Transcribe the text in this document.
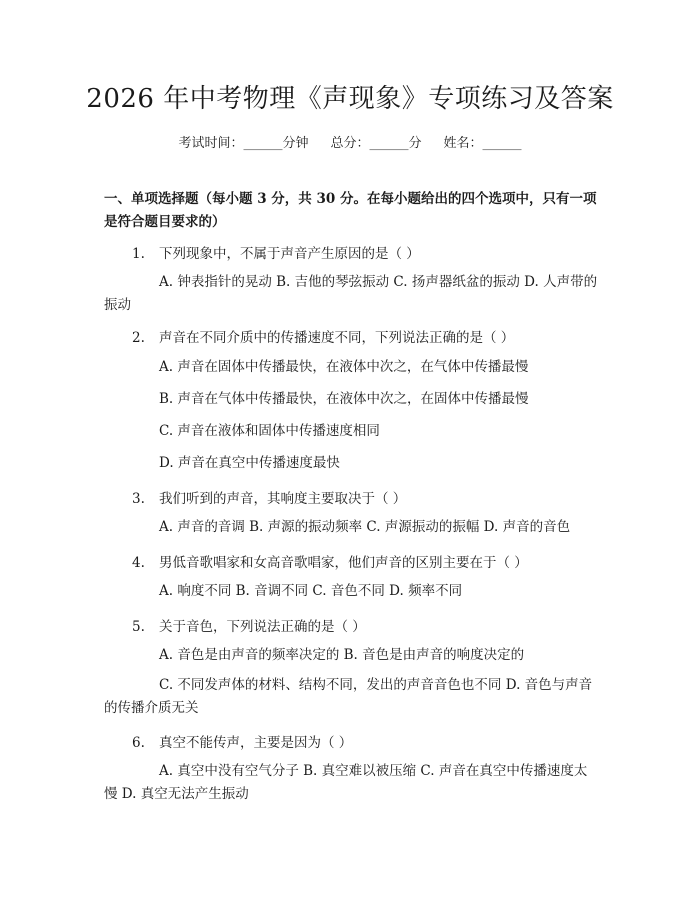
2026 年中考物理《声现象》专项练习及答案
考试时间：______分钟 总分：______分 姓名：______
一、单项选择题（每小题 3 分，共 30 分。在每小题给出的四个选项中，只有一项是符合题目要求的）
1. 下列现象中，不属于声音产生原因的是（ ）
A. 钟表指针的晃动 B. 吉他的琴弦振动 C. 扬声器纸盆的振动 D. 人声带的振动
2. 声音在不同介质中的传播速度不同，下列说法正确的是（ ）
A. 声音在固体中传播最快，在液体中次之，在气体中传播最慢
B. 声音在气体中传播最快，在液体中次之，在固体中传播最慢
C. 声音在液体和固体中传播速度相同
D. 声音在真空中传播速度最快
3. 我们听到的声音，其响度主要取决于（ ）
A. 声音的音调 B. 声源的振动频率 C. 声源振动的振幅 D. 声音的音色
4. 男低音歌唱家和女高音歌唱家，他们声音的区别主要在于（ ）
A. 响度不同 B. 音调不同 C. 音色不同 D. 频率不同
5. 关于音色，下列说法正确的是（ ）
A. 音色是由声音的频率决定的 B. 音色是由声音的响度决定的
C. 不同发声体的材料、结构不同，发出的声音音色也不同 D. 音色与声音的传播介质无关
6. 真空不能传声，主要是因为（ ）
A. 真空中没有空气分子 B. 真空难以被压缩 C. 声音在真空中传播速度太慢 D. 真空无法产生振动
